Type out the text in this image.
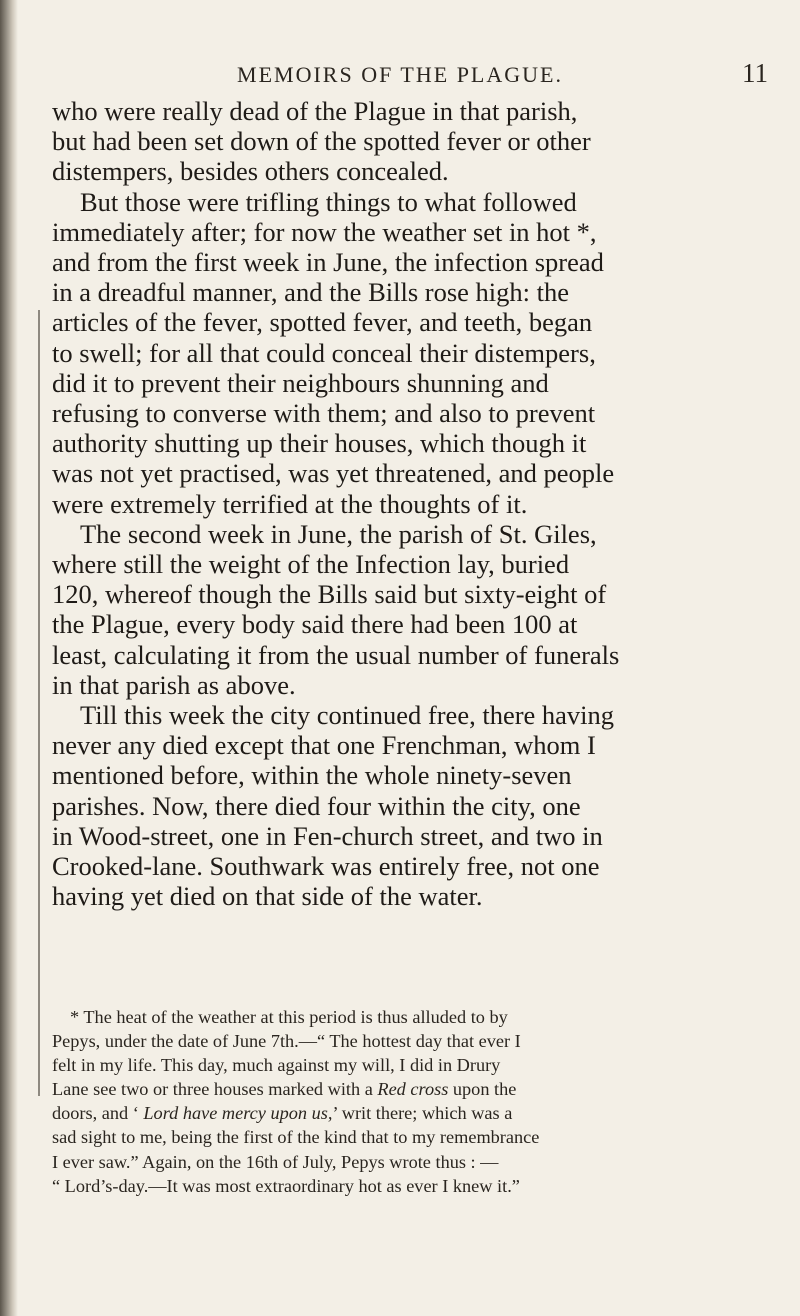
MEMOIRS OF THE PLAGUE.	11

who were really dead of the Plague in that parish,
but had been set down of the spotted fever or other
distempers, besides others concealed.

But those were trifling things to what followed

immediately after; for now the weather set in hot *,
and from the first week in June, the infection spread
in a dreadful manner, and the Bills rose high: the
articles of the fever, spotted fever, and teeth, began
to swell; for all that could conceal their distempers,
did it to prevent their neighbours shunning and
refusing to converse with them; and also to prevent
authority shutting up their houses, which though it
was not yet practised, was yet threatened, and people
were extremely terrified at the thoughts of it.

The second week in June, the parish of St. Giles,

where still the weight of the Infection lay, buried
120, whereof though the Bills said but sixty-eight of
the Plague, every body said there had been 100 at
least, calculating it from the usual number of funerals
in that parish as above.

Till this week the city continued free, there having

never any died except that one Frenchman, whom I
mentioned before, within the whole ninety-seven
parishes. Now, there died four within the city, one
in Wood-street, one in Fen-church street, and two in
Crooked-lane. Southwark was entirely free, not one
having yet died on that side of the water.

* The heat of the weather at this period is thus alluded to by
Pepys, under the date of June 7th.—“ The hottest day that ever I
felt in my life. This day, much against my will, I did in Drury
Lane see two or three houses marked with a Red cross upon the
doors, and ‘ Lord have mercy upon us,’ writ there; which was a
sad sight to me, being the first of the kind that to my remembrance
I ever saw.” Again, on the 16th of July, Pepys wrote thus : —
“ Lord’s-day.—It was most extraordinary hot as ever I knew it.”
